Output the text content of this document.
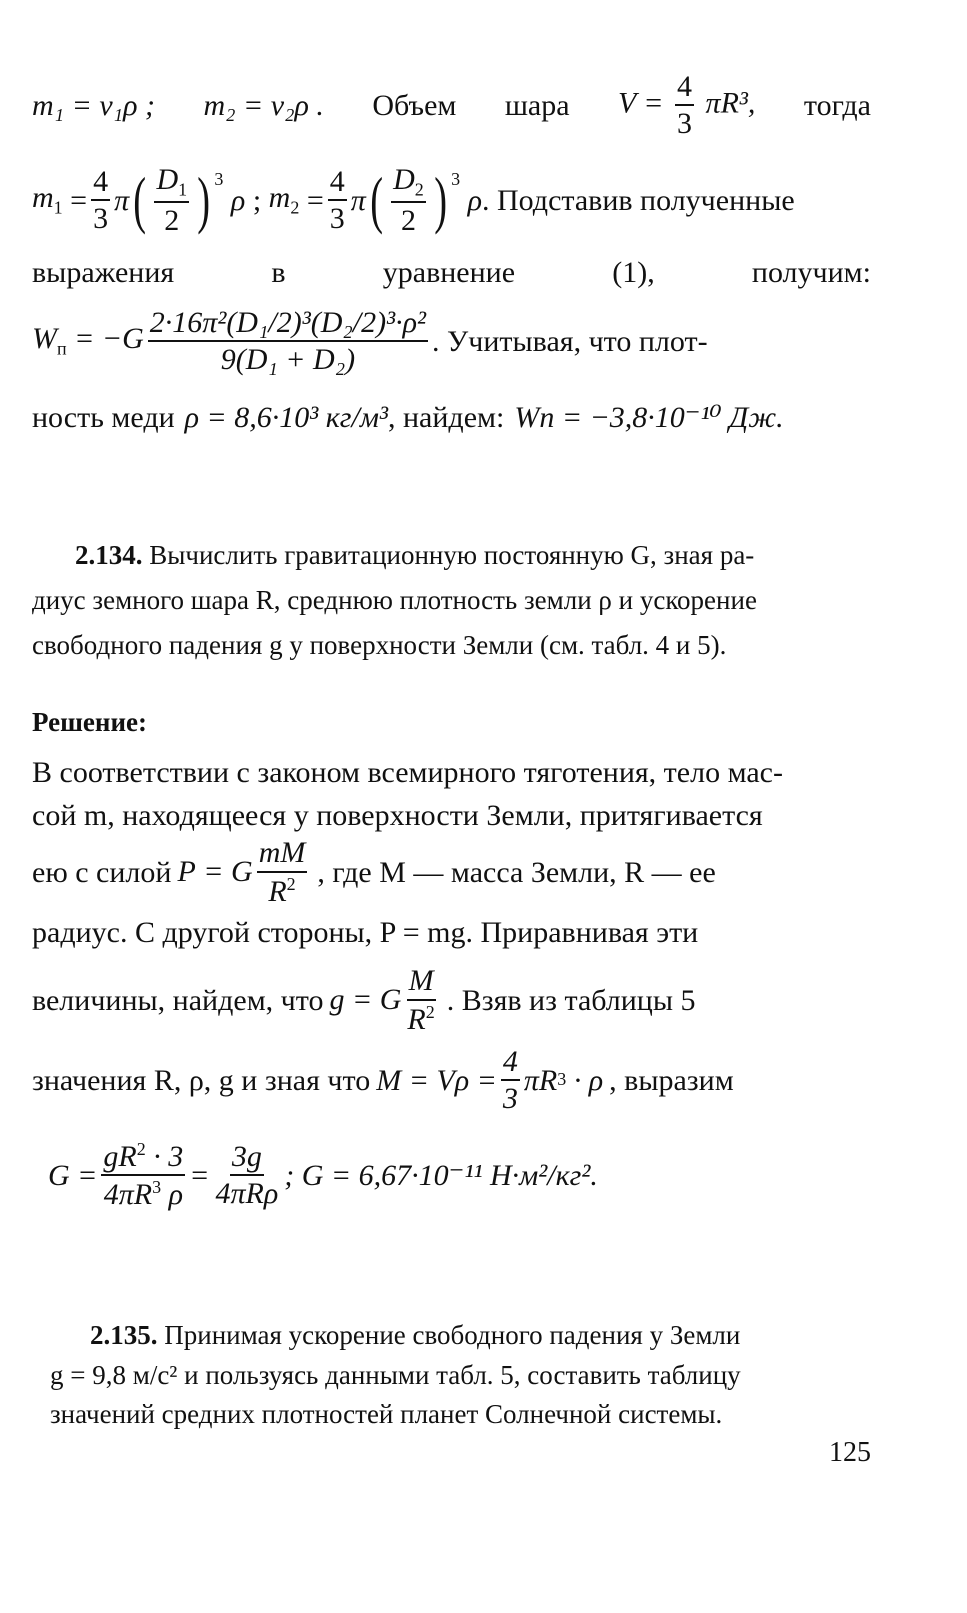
m₁ = v₁ρ ; m₂ = v₂ρ . Объем шара $V = \frac{4}{3} \pi R^3$, тогда
$m_1 = \frac{4}{3}$ π ( $\frac{D_1}{2}$ ) 3
ρ ; $m_2 = \frac{4}{3}$ π ( $\frac{D_2}{2}$ ) 3
ρ . Подставив полученные
выражения	в	уравнение	(1),	получим:
$W_п = -G \frac{\text{2·16π²(D₁/2)³(D₂/2)³·ρ²}}{\text{9(D₁ + D₂)}}$ . Учитывая, что плот-
ность меди ρ = 8,6·10³ кг/м³ , найдем: Wп = −3,8·10⁻¹⁰ Дж.
2.134.
Вычислить гравитационную постоянную G, зная ра-
диус земного шара R, среднюю плотность земли ρ и ускорение
свободного падения g у поверхности Земли (см. табл. 4 и 5).
Решение:
В соответствии с законом всемирного тяготения, тело мас-
сой m, находящееся у поверхности Земли, притягивается
ею с силой P = G $\frac{mM}{R^2}$ , где M — масса Земли, R — ее
радиус. С другой стороны, P = mg. Приравнивая эти
величины, найдем, что g = G $\frac{M}{R^2}$ . Взяв из таблицы 5
значения R, ρ, g и зная что $M = V\rho = \frac{4}{3}$ πR 3 · ρ , выразим
$G = \frac{gR^2 \cdot 3}{4\pi R^3 \rho} = \frac{3g}{\text{4πRρ}}$ ; G = 6,67·10⁻¹¹ Н·м²/кг².
2.135.
Принимая ускорение свободного падения у Земли
g = 9,8 м/с² и пользуясь данными табл. 5, составить таблицу
значений средних плотностей планет Солнечной системы.
125
